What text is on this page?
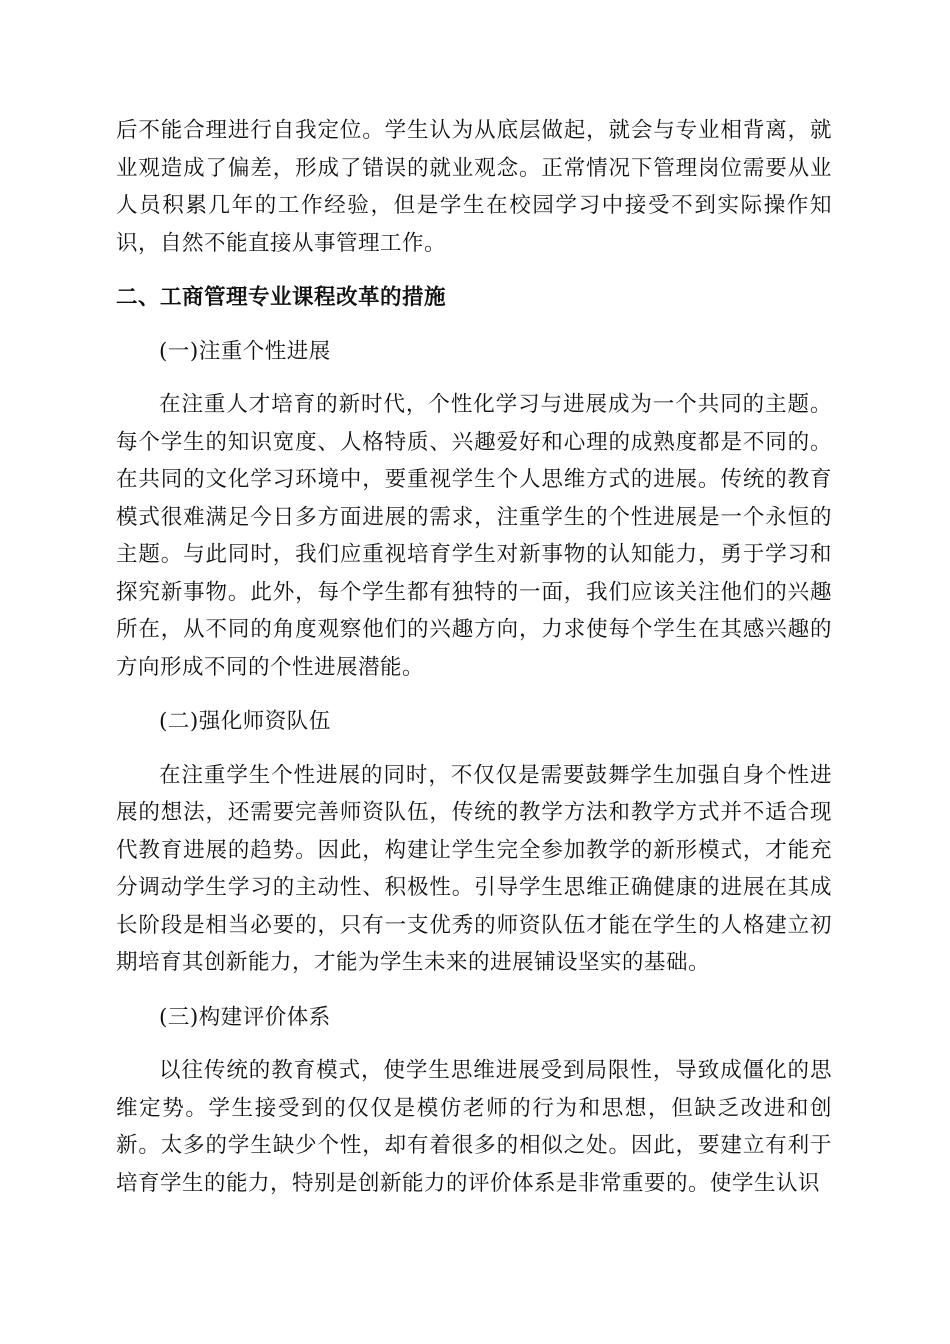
后不能合理进行自我定位。学生认为从底层做起，就会与专业相背离，就业观造成了偏差，形成了错误的就业观念。正常情况下管理岗位需要从业人员积累几年的工作经验，但是学生在校园学习中接受不到实际操作知识，自然不能直接从事管理工作。

二、工商管理专业课程改革的措施

(一)注重个性进展

在注重人才培育的新时代，个性化学习与进展成为一个共同的主题。每个学生的知识宽度、人格特质、兴趣爱好和心理的成熟度都是不同的。在共同的文化学习环境中，要重视学生个人思维方式的进展。传统的教育模式很难满足今日多方面进展的需求，注重学生的个性进展是一个永恒的主题。与此同时，我们应重视培育学生对新事物的认知能力，勇于学习和探究新事物。此外，每个学生都有独特的一面，我们应该关注他们的兴趣所在，从不同的角度观察他们的兴趣方向，力求使每个学生在其感兴趣的方向形成不同的个性进展潜能。

(二)强化师资队伍

在注重学生个性进展的同时，不仅仅是需要鼓舞学生加强自身个性进展的想法，还需要完善师资队伍，传统的教学方法和教学方式并不适合现代教育进展的趋势。因此，构建让学生完全参加教学的新形模式，才能充分调动学生学习的主动性、积极性。引导学生思维正确健康的进展在其成长阶段是相当必要的，只有一支优秀的师资队伍才能在学生的人格建立初期培育其创新能力，才能为学生未来的进展铺设坚实的基础。

(三)构建评价体系

以往传统的教育模式，使学生思维进展受到局限性，导致成僵化的思维定势。学生接受到的仅仅是模仿老师的行为和思想，但缺乏改进和创新。太多的学生缺少个性，却有着很多的相似之处。因此，要建立有利于培育学生的能力，特别是创新能力的评价体系是非常重要的。使学生认识
